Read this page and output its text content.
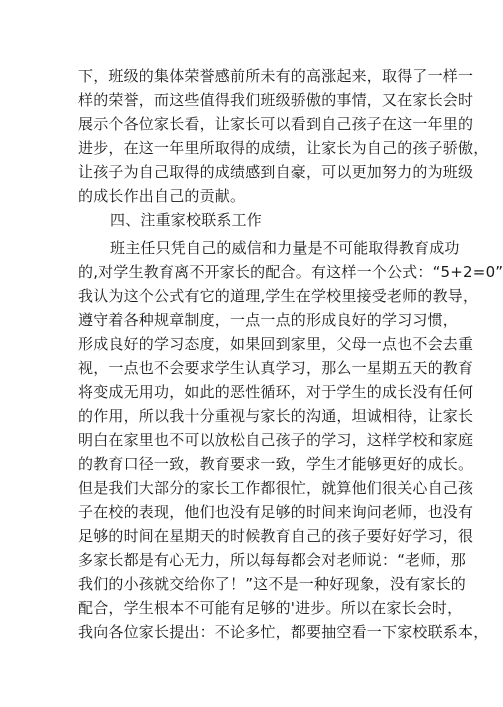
下，班级的集体荣誉感前所未有的高涨起来，取得了一样一
样的荣誉，而这些值得我们班级骄傲的事情，又在家长会时
展示个各位家长看，让家长可以看到自己孩子在这一年里的
进步，在这一年里所取得的成绩，让家长为自己的孩子骄傲，
让孩子为自己取得的成绩感到自豪，可以更加努力的为班级
的成长作出自己的贡献。
四、注重家校联系工作
班主任只凭自己的威信和力量是不可能取得教育成功
的,对学生教育离不开家长的配合。有这样一个公式：“5+2=0”
我认为这个公式有它的道理,学生在学校里接受老师的教导，
遵守着各种规章制度，一点一点的形成良好的学习习惯，
形成良好的学习态度，如果回到家里，父母一点也不会去重
视，一点也不会要求学生认真学习，那么一星期五天的教育
将变成无用功，如此的恶性循环，对于学生的成长没有任何
的作用，所以我十分重视与家长的沟通，坦诚相待，让家长
明白在家里也不可以放松自己孩子的学习，这样学校和家庭
的教育口径一致，教育要求一致，学生才能够更好的成长。
但是我们大部分的家长工作都很忙，就算他们很关心自己孩
子在校的表现，他们也没有足够的时间来询问老师，也没有
足够的时间在星期天的时候教育自己的孩子要好好学习，很
多家长都是有心无力，所以每每都会对老师说：“老师，那
我们的小孩就交给你了！”这不是一种好现象，没有家长的
配合，学生根本不可能有足够的'进步。所以在家长会时，
我向各位家长提出：不论多忙，都要抽空看一下家校联系本，
